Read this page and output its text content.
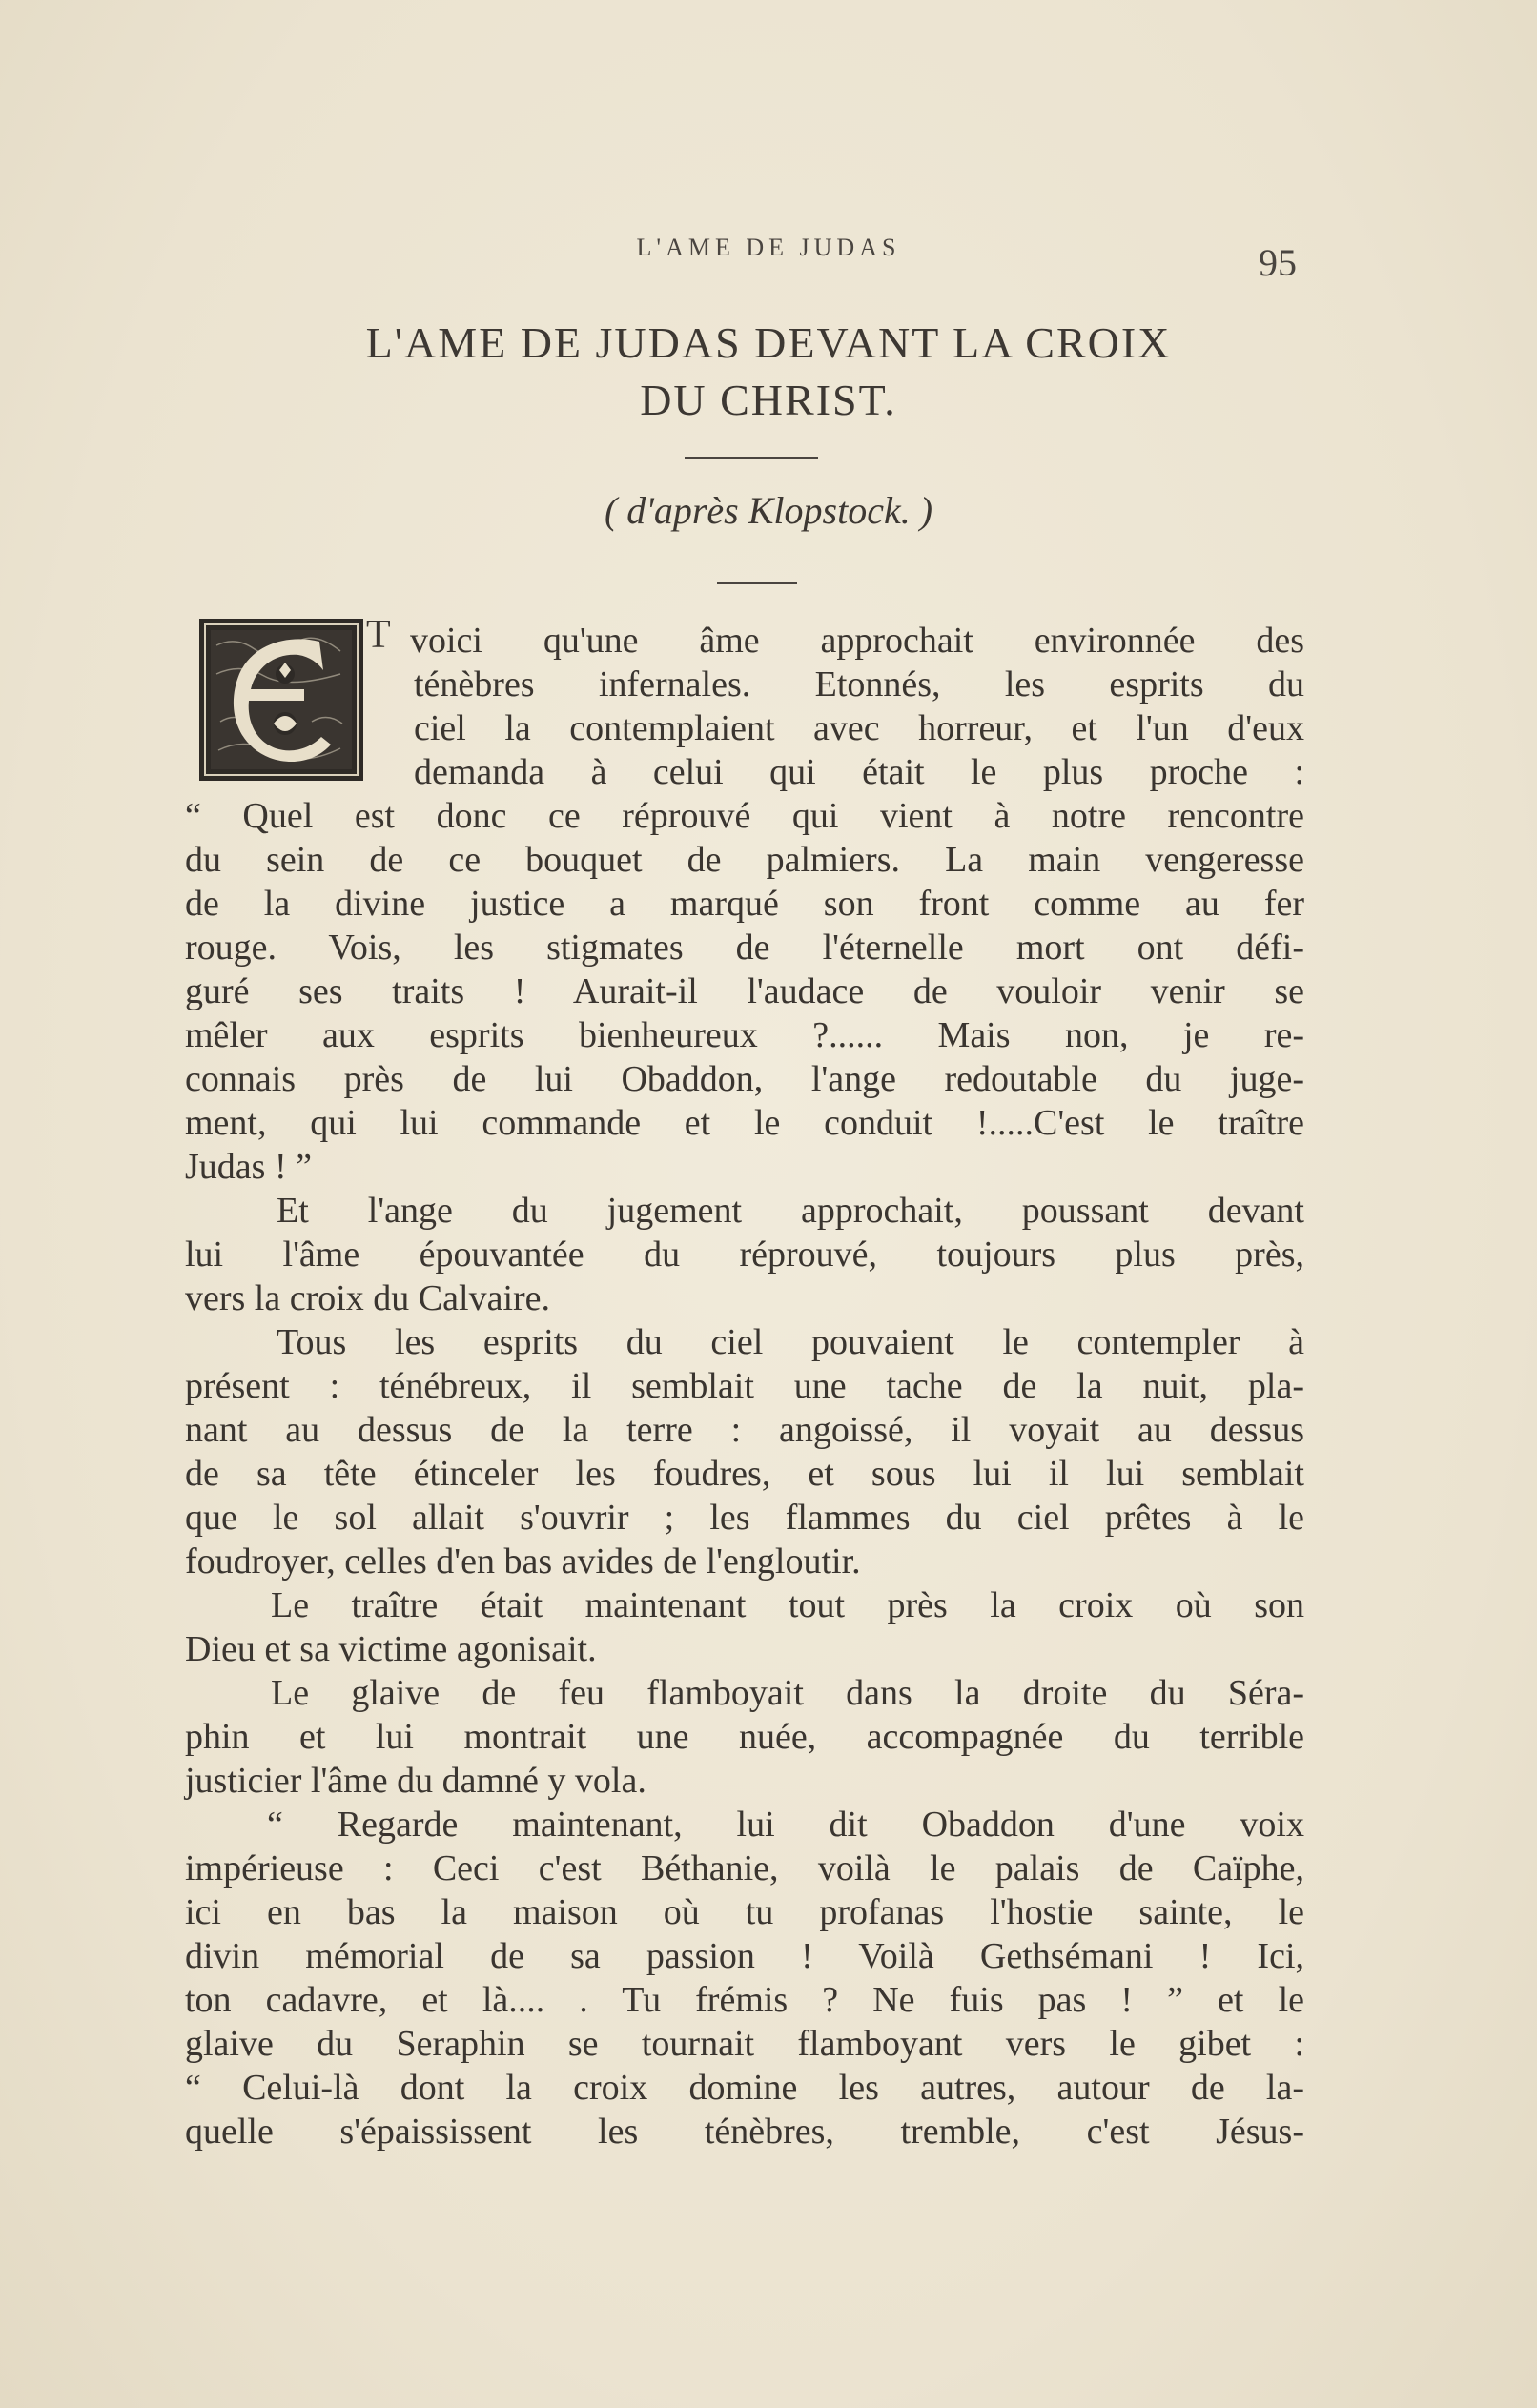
L'AME DE JUDAS	95
L'AME DE JUDAS DEVANT LA CROIX
DU CHRIST.
( d'après Klopstock. )
T voici qu'une âme approchait environnée des
ténèbres infernales. Etonnés, les esprits du
ciel la contemplaient avec horreur, et l'un d'eux
demanda à celui qui était le plus proche :
“ Quel est donc ce réprouvé qui vient à notre rencontre
du sein de ce bouquet de palmiers. La main vengeresse
de la divine justice a marqué son front comme au fer
rouge. Vois, les stigmates de l'éternelle mort ont défi-
guré ses traits ! Aurait-il l'audace de vouloir venir se
mêler aux esprits bienheureux ?...... Mais non, je re-
connais près de lui Obaddon, l'ange redoutable du juge-
ment, qui lui commande et le conduit !.....C'est le traître
Judas ! ”
Et l'ange du jugement approchait, poussant devant
lui l'âme épouvantée du réprouvé, toujours plus près,
vers la croix du Calvaire.
Tous les esprits du ciel pouvaient le contempler à
présent : ténébreux, il semblait une tache de la nuit, pla-
nant au dessus de la terre : angoissé, il voyait au dessus
de sa tête étinceler les foudres, et sous lui il lui semblait
que le sol allait s'ouvrir ; les flammes du ciel prêtes à le
foudroyer, celles d'en bas avides de l'engloutir.
Le traître était maintenant tout près la croix où son
Dieu et sa victime agonisait.
Le glaive de feu flamboyait dans la droite du Séra-
phin et lui montrait une nuée, accompagnée du terrible
justicier l'âme du damné y vola.
“ Regarde maintenant, lui dit Obaddon d'une voix
impérieuse : Ceci c'est Béthanie, voilà le palais de Caïphe,
ici en bas la maison où tu profanas l'hostie sainte, le
divin mémorial de sa passion ! Voilà Gethsémani ! Ici,
ton cadavre, et là.... . Tu frémis ? Ne fuis pas ! ” et le
glaive du Seraphin se tournait flamboyant vers le gibet :
“ Celui-là dont la croix domine les autres, autour de la-
quelle s'épaississent les ténèbres, tremble, c'est Jésus-
